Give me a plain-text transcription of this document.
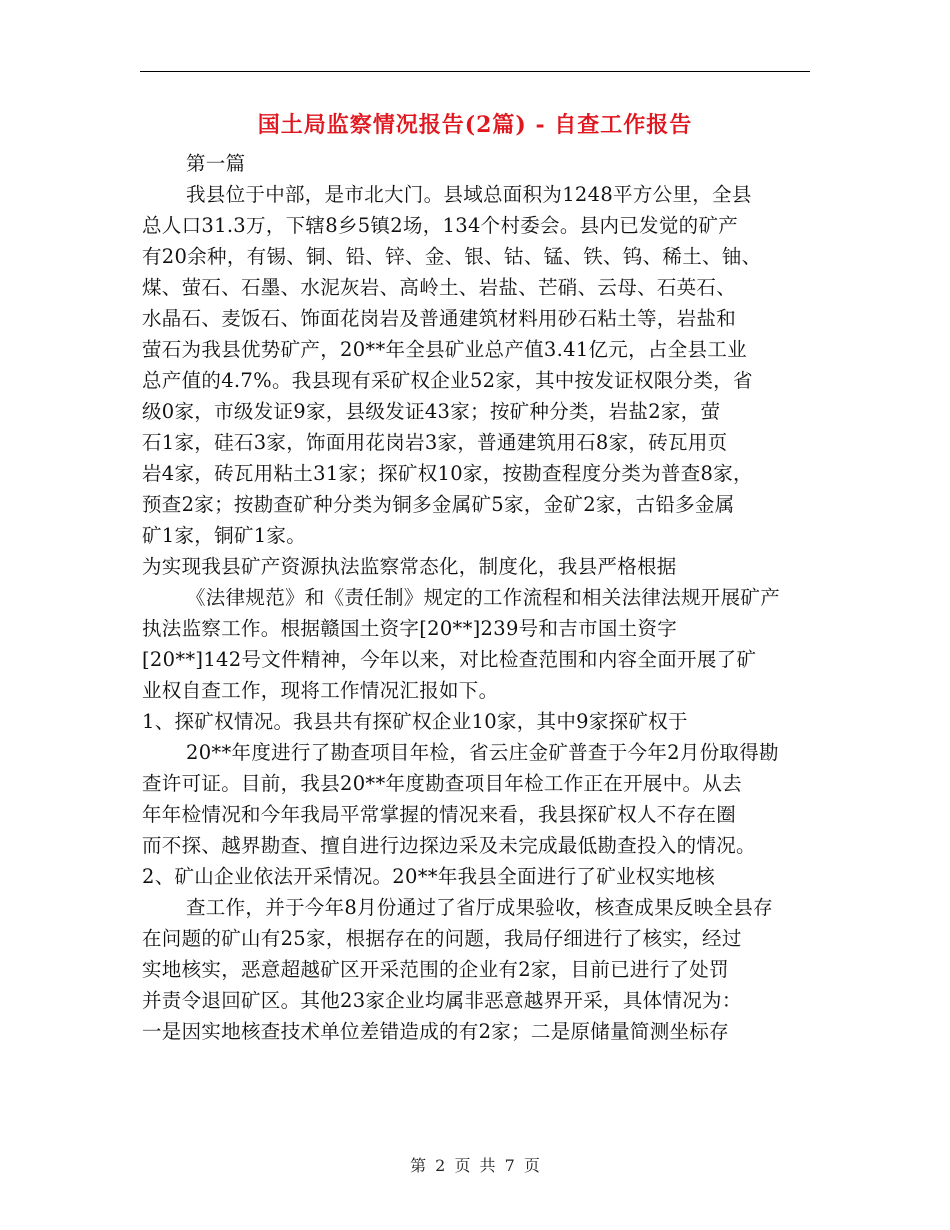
国土局监察情况报告(2篇) - 自查工作报告
第一篇
我县位于中部，是市北大门。县域总面积为1248平方公里，全县
总人口31.3万，下辖8乡5镇2场，134个村委会。县内已发觉的矿产
有20余种，有锡、铜、铅、锌、金、银、钴、锰、铁、钨、稀土、铀、
煤、萤石、石墨、水泥灰岩、高岭土、岩盐、芒硝、云母、石英石、
水晶石、麦饭石、饰面花岗岩及普通建筑材料用砂石粘土等，岩盐和
萤石为我县优势矿产，20**年全县矿业总产值3.41亿元，占全县工业
总产值的4.7%。我县现有采矿权企业52家，其中按发证权限分类，省
级0家，市级发证9家，县级发证43家；按矿种分类，岩盐2家，萤
石1家，硅石3家，饰面用花岗岩3家，普通建筑用石8家，砖瓦用页
岩4家，砖瓦用粘土31家；探矿权10家，按勘查程度分类为普查8家，
预查2家；按勘查矿种分类为铜多金属矿5家，金矿2家，古铅多金属
矿1家，铜矿1家。
为实现我县矿产资源执法监察常态化，制度化，我县严格根据
《法律规范》和《责任制》规定的工作流程和相关法律法规开展矿产
执法监察工作。根据赣国土资字[20**]239号和吉市国土资字
[20**]142号文件精神，今年以来，对比检查范围和内容全面开展了矿
业权自查工作，现将工作情况汇报如下。
1、探矿权情况。我县共有探矿权企业10家，其中9家探矿权于
20**年度进行了勘查项目年检，省云庄金矿普查于今年2月份取得勘
查许可证。目前，我县20**年度勘查项目年检工作正在开展中。从去
年年检情况和今年我局平常掌握的情况来看，我县探矿权人不存在圈
而不探、越界勘查、擅自进行边探边采及未完成最低勘查投入的情况。
2、矿山企业依法开采情况。20**年我县全面进行了矿业权实地核
查工作，并于今年8月份通过了省厅成果验收，核查成果反映全县存
在问题的矿山有25家，根据存在的问题，我局仔细进行了核实，经过
实地核实，恶意超越矿区开采范围的企业有2家，目前已进行了处罚
并责令退回矿区。其他23家企业均属非恶意越界开采，具体情况为：
一是因实地核查技术单位差错造成的有2家；二是原储量简测坐标存
第 2 页 共 7 页
